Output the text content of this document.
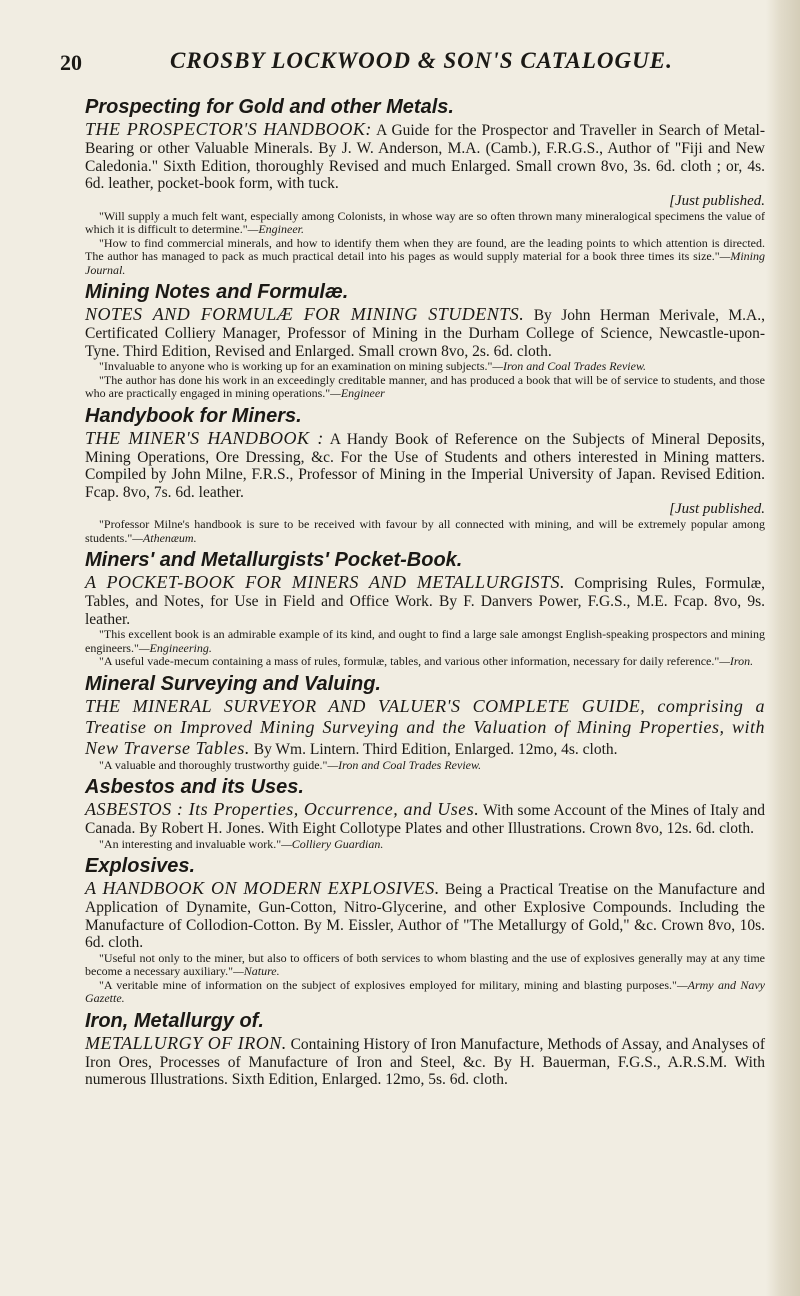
20	CROSBY LOCKWOOD & SON'S CATALOGUE.
Prospecting for Gold and other Metals.

THE PROSPECTOR'S HANDBOOK: A Guide for the Prospector and Traveller in Search of Metal-Bearing or other Valuable Minerals. By J. W. Anderson, M.A. (Camb.), F.R.G.S., Author of "Fiji and New Caledonia." Sixth Edition, thoroughly Revised and much Enlarged. Small crown 8vo, 3s. 6d. cloth ; or, 4s. 6d. leather, pocket-book form, with tuck.

[Just published.

"Will supply a much felt want, especially among Colonists, in whose way are so often thrown many mineralogical specimens the value of which it is difficult to determine."—Engineer.

"How to find commercial minerals, and how to identify them when they are found, are the leading points to which attention is directed. The author has managed to pack as much practical detail into his pages as would supply material for a book three times its size."—Mining Journal.

Mining Notes and Formulæ.

NOTES AND FORMULÆ FOR MINING STUDENTS. By John Herman Merivale, M.A., Certificated Colliery Manager, Professor of Mining in the Durham College of Science, Newcastle-upon-Tyne. Third Edition, Revised and Enlarged. Small crown 8vo, 2s. 6d. cloth.

"Invaluable to anyone who is working up for an examination on mining subjects."—Iron and Coal Trades Review.

"The author has done his work in an exceedingly creditable manner, and has produced a book that will be of service to students, and those who are practically engaged in mining operations."—Engineer

Handybook for Miners.

THE MINER'S HANDBOOK : A Handy Book of Reference on the Subjects of Mineral Deposits, Mining Operations, Ore Dressing, &c. For the Use of Students and others interested in Mining matters. Compiled by John Milne, F.R.S., Professor of Mining in the Imperial University of Japan. Revised Edition. Fcap. 8vo, 7s. 6d. leather.

[Just published.

"Professor Milne's handbook is sure to be received with favour by all connected with mining, and will be extremely popular among students."—Athenæum.

Miners' and Metallurgists' Pocket-Book.

A POCKET-BOOK FOR MINERS AND METALLURGISTS. Comprising Rules, Formulæ, Tables, and Notes, for Use in Field and Office Work. By F. Danvers Power, F.G.S., M.E. Fcap. 8vo, 9s. leather.

"This excellent book is an admirable example of its kind, and ought to find a large sale amongst English-speaking prospectors and mining engineers."—Engineering.

"A useful vade-mecum containing a mass of rules, formulæ, tables, and various other information, necessary for daily reference."—Iron.

Mineral Surveying and Valuing.

THE MINERAL SURVEYOR AND VALUER'S COMPLETE GUIDE, comprising a Treatise on Improved Mining Surveying and the Valuation of Mining Properties, with New Traverse Tables. By Wm. Lintern. Third Edition, Enlarged. 12mo, 4s. cloth.

"A valuable and thoroughly trustworthy guide."—Iron and Coal Trades Review.

Asbestos and its Uses.

ASBESTOS : Its Properties, Occurrence, and Uses. With some Account of the Mines of Italy and Canada. By Robert H. Jones. With Eight Collotype Plates and other Illustrations. Crown 8vo, 12s. 6d. cloth.

"An interesting and invaluable work."—Colliery Guardian.

Explosives.

A HANDBOOK ON MODERN EXPLOSIVES. Being a Practical Treatise on the Manufacture and Application of Dynamite, Gun-Cotton, Nitro-Glycerine, and other Explosive Compounds. Including the Manufacture of Collodion-Cotton. By M. Eissler, Author of "The Metallurgy of Gold," &c. Crown 8vo, 10s. 6d. cloth.

"Useful not only to the miner, but also to officers of both services to whom blasting and the use of explosives generally may at any time become a necessary auxiliary."—Nature.

"A veritable mine of information on the subject of explosives employed for military, mining and blasting purposes."—Army and Navy Gazette.

Iron, Metallurgy of.

METALLURGY OF IRON. Containing History of Iron Manufacture, Methods of Assay, and Analyses of Iron Ores, Processes of Manufacture of Iron and Steel, &c. By H. Bauerman, F.G.S., A.R.S.M. With numerous Illustrations. Sixth Edition, Enlarged. 12mo, 5s. 6d. cloth.
